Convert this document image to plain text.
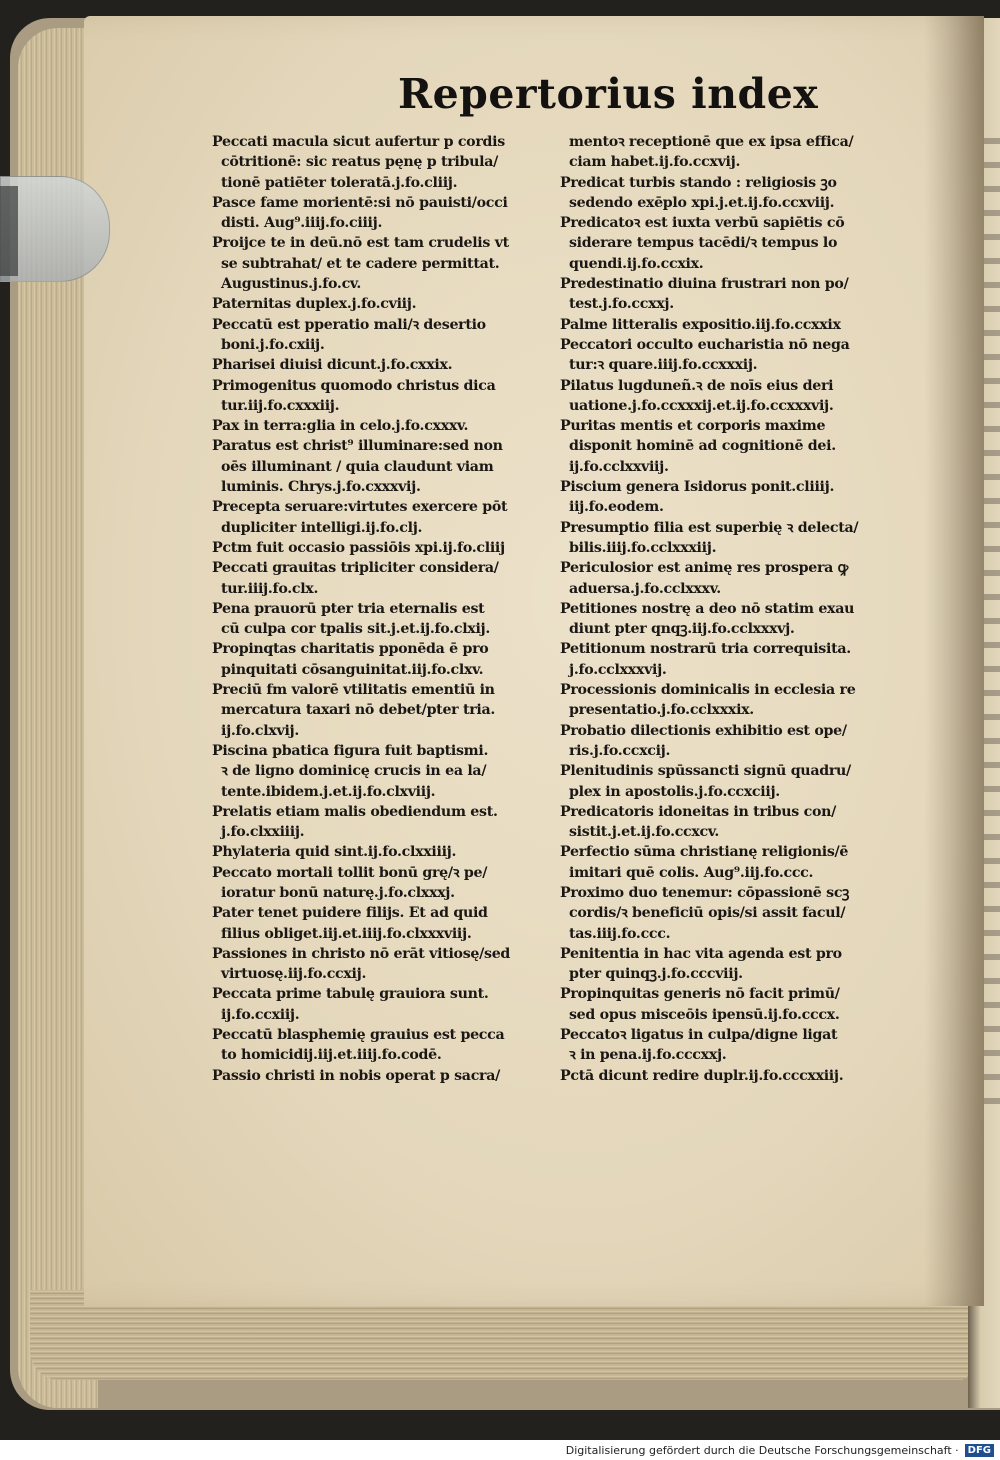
Repertorius index
Peccati macula sicut aufertur p cordis
cōtritionē: sic reatus pęnę p tribula/
tionē patiēter toleratā.j.fo.cliij.
Pasce fame morientē:si nō pauisti/occi
disti. Aug⁹.iiij.fo.ciiij.
Proijce te in deū.nō est tam crudelis vt
se subtrahat/ et te cadere permittat.
Augustinus.j.fo.cv.
Paternitas duplex.j.fo.cviij.
Peccatū est pperatio mali/ꝛ desertio
boni.j.fo.cxiij.
Pharisei diuisi dicunt.j.fo.cxxix.
Primogenitus quomodo christus dica
tur.iij.fo.cxxxiij.
Pax in terra:glia in celo.j.fo.cxxxv.
Paratus est christ⁹ illuminare:sed non
oēs illuminant / quia claudunt viam
luminis. Chrys.j.fo.cxxxvij.
Precepta seruare:virtutes exercere pōt
dupliciter intelligi.ij.fo.clj.
Pctm fuit occasio passiōis xpi.ij.fo.cliij
Peccati grauitas tripliciter considera/
tur.iiij.fo.clx.
Pena prauorū pter tria eternalis est
cū culpa cor tpalis sit.j.et.ij.fo.clxij.
Propinqtas charitatis pponēda ē pro
pinquitati cōsanguinitat.iij.fo.clxv.
Preciū fm valorē vtilitatis ementiū in
mercatura taxari nō debet/pter tria.
ij.fo.clxvij.
Piscina pbatica figura fuit baptismi.
ꝛ de ligno dominicę crucis in ea la/
tente.ibidem.j.et.ij.fo.clxviij.
Prelatis etiam malis obediendum est.
j.fo.clxxiiij.
Phylateria quid sint.ij.fo.clxxiiij.
Peccato mortali tollit bonū grę/ꝛ pe/
ioratur bonū naturę.j.fo.clxxxj.
Pater tenet puidere filijs. Et ad quid
filius obliget.iij.et.iiij.fo.clxxxviij.
Passiones in christo nō erāt vitiosę/sed
virtuosę.iij.fo.ccxij.
Peccata prime tabulę grauiora sunt.
ij.fo.ccxiij.
Peccatū blasphemię grauius est pecca
to homicidij.iij.et.iiij.fo.codē.
Passio christi in nobis operat p sacra/
mentoꝛ receptionē que ex ipsa effica/
ciam habet.ij.fo.ccxvij.
Predicat turbis stando : religiosis ꝫo
sedendo exēplo xpi.j.et.ij.fo.ccxviij.
Predicatoꝛ est iuxta verbū sapiētis cō
siderare tempus tacēdi/ꝛ tempus lo
quendi.ij.fo.ccxix.
Predestinatio diuina frustrari non po/
test.j.fo.ccxxj.
Palme litteralis expositio.iij.fo.ccxxix
Peccatori occulto eucharistia nō nega
tur:ꝛ quare.iiij.fo.ccxxxij.
Pilatus lugduneñ.ꝛ de noīs eius deri
uatione.j.fo.ccxxxij.et.ij.fo.ccxxxvij.
Puritas mentis et corporis maxime
disponit hominē ad cognitionē dei.
ij.fo.cclxxviij.
Piscium genera Isidorus ponit.cliiij.
iij.fo.eodem.
Presumptio filia est superbię ꝛ delecta/
bilis.iiij.fo.cclxxxiij.
Periculosior est animę res prospera ꝙ
aduersa.j.fo.cclxxxv.
Petitiones nostrę a deo nō statim exau
diunt pter qnqꝫ.iij.fo.cclxxxvj.
Petitionum nostrarū tria correquisita.
j.fo.cclxxxvij.
Processionis dominicalis in ecclesia re
presentatio.j.fo.cclxxxix.
Probatio dilectionis exhibitio est ope/
ris.j.fo.ccxcij.
Plenitudinis spūssancti signū quadru/
plex in apostolis.j.fo.ccxciij.
Predicatoris idoneitas in tribus con/
sistit.j.et.ij.fo.ccxcv.
Perfectio sūma christianę religionis/ē
imitari quē colis. Aug⁹.iij.fo.ccc.
Proximo duo tenemur: cōpassionē scꝫ
cordis/ꝛ beneficiū opis/si assit facul/
tas.iiij.fo.ccc.
Penitentia in hac vita agenda est pro
pter quinqꝫ.j.fo.cccviij.
Propinquitas generis nō facit primū/
sed opus misceōis ipensū.ij.fo.cccx.
Peccatoꝛ ligatus in culpa/digne ligat
ꝛ in pena.ij.fo.cccxxj.
Pctā dicunt redire duplr.ij.fo.cccxxiij.
Digitalisierung gefördert durch die Deutsche Forschungsgemeinschaft · DFG
